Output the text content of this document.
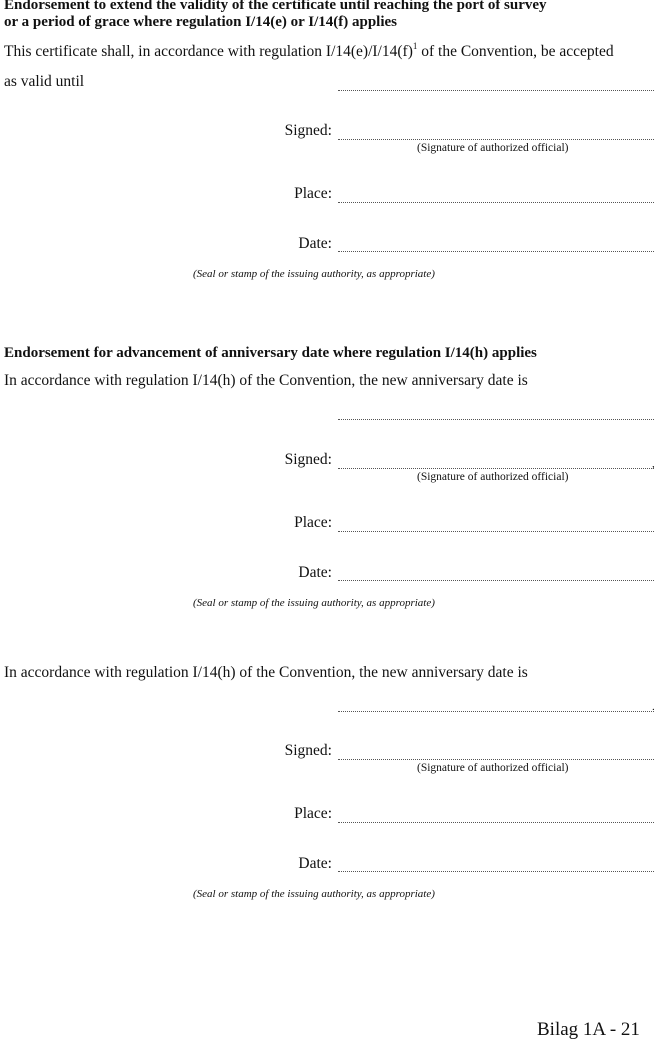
Endorsement to extend the validity of the certificate until reaching the port of survey
or a period of grace where regulation I/14(e) or I/14(f) applies
This certificate shall, in accordance with regulation $I/14(e)/I/14(f)^1$ of the Convention, be accepted
as valid until
Signed:
(Signature of authorized official)
Place:
Date:
(Seal or stamp of the issuing authority, as appropriate)
Endorsement for advancement of anniversary date where regulation I/14(h) applies
In accordance with regulation I/14(h) of the Convention, the new anniversary date is
Signed:	,
(Signature of authorized official)
Place:
Date:
(Seal or stamp of the issuing authority, as appropriate)
In accordance with regulation I/14(h) of the Convention, the new anniversary date is
.
Signed:
(Signature of authorized official)
Place:
Date:
(Seal or stamp of the issuing authority, as appropriate)
Bilag 1A - 21
